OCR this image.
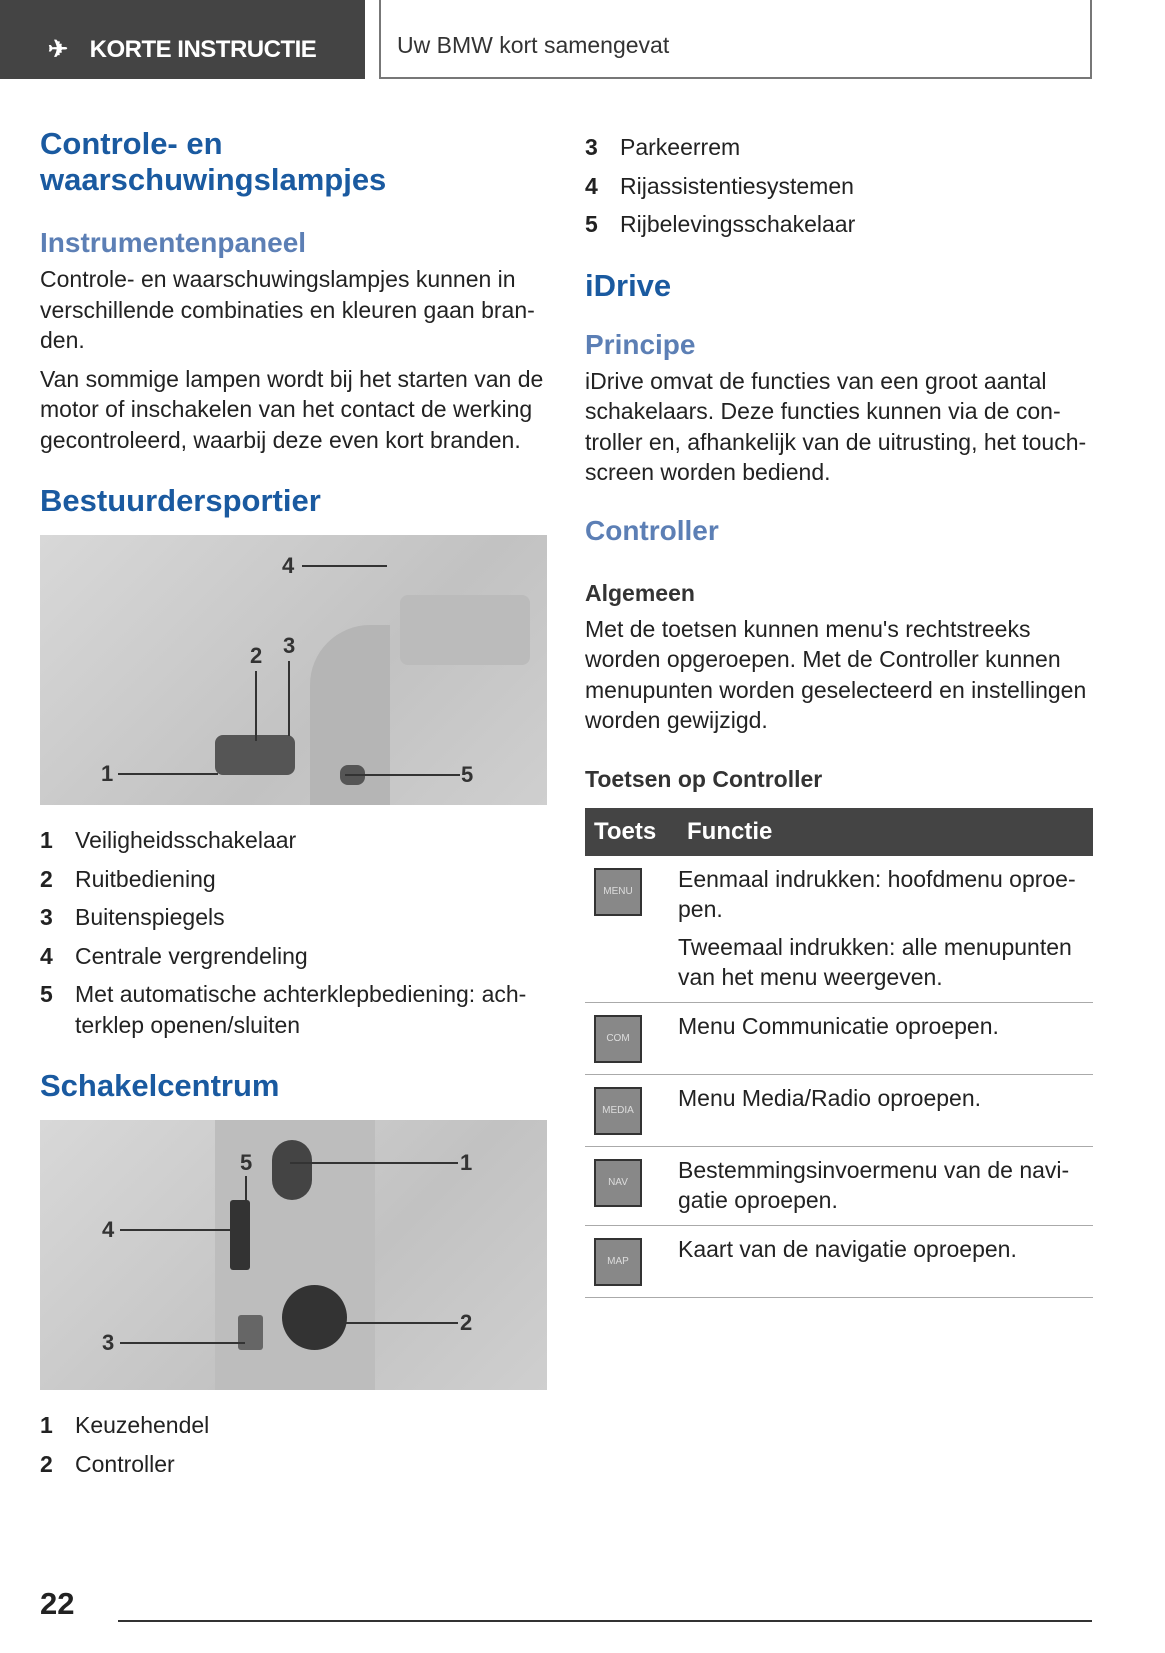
✈ KORTE INSTRUCTIE	Uw BMW kort samengevat
Controle- en waarschuwingslampjes
Instrumentenpaneel

Controle- en waarschuwingslampjes kunnen in verschillende combinaties en kleuren gaan branden.

Van sommige lampen wordt bij het starten van de motor of inschakelen van het contact de werking gecontroleerd, waarbij deze even kort branden.

Bestuurdersportier
1
2 3
4
5
1 Veiligheidsschakelaar
2 Ruitbediening
3 Buitenspiegels
4 Centrale vergrendeling
5 Met automatische achterklepbediening: achterklep openen/sluiten
Schakelcentrum
1
2
3
4
5
1 Keuzehendel
2 Controller
3 Parkeerrem
4 Rijassistentiesystemen
5 Rijbelevingsschakelaar
iDrive
Principe

iDrive omvat de functies van een groot aantal schakelaars. Deze functies kunnen via de controller en, afhankelijk van de uitrusting, het touchscreen worden bediend.

Controller
Algemeen

Met de toetsen kunnen menu's rechtstreeks worden opgeroepen. Met de Controller kunnen menupunten worden geselecteerd en instellingen worden gewijzigd.

Toetsen op Controller
Toets	Functie

MENU	Eenmaal indrukken: hoofdmenu oproepen.
Tweemaal indrukken: alle menupunten van het menu weergeven.

COM	Menu Communicatie oproepen.

MEDIA	Menu Media/Radio oproepen.

NAV	Bestemmingsinvoermenu van de navigatie oproepen.

MAP	Kaart van de navigatie oproepen.
22
